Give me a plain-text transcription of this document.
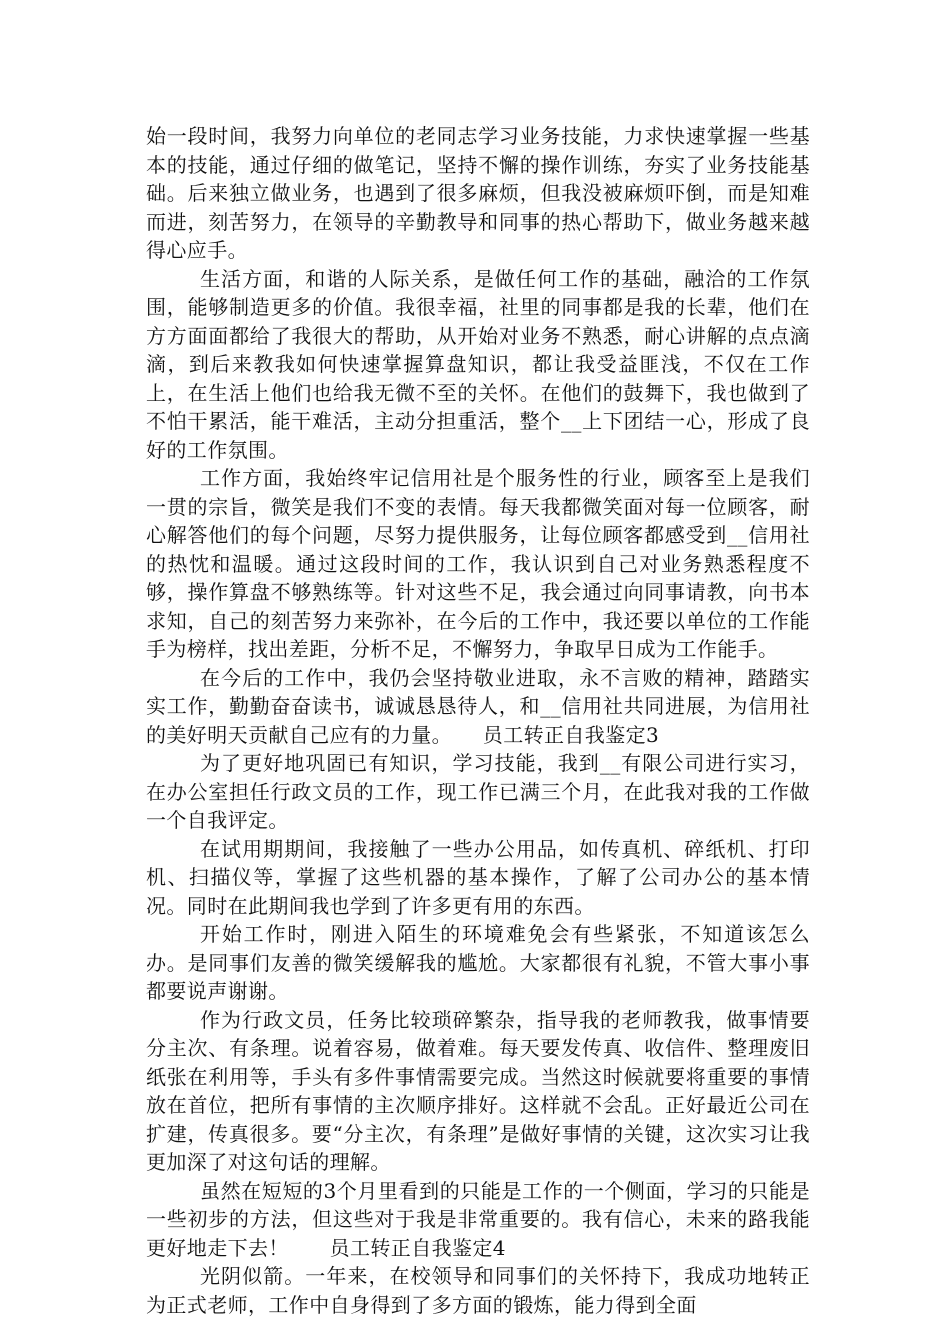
始一段时间，我努力向单位的老同志学习业务技能，力求快速掌握一些基本的技能，通过仔细的做笔记，坚持不懈的操作训练，夯实了业务技能基础。后来独立做业务，也遇到了很多麻烦，但我没被麻烦吓倒，而是知难而进，刻苦努力，在领导的辛勤教导和同事的热心帮助下，做业务越来越得心应手。

生活方面，和谐的人际关系，是做任何工作的基础，融洽的工作氛围，能够制造更多的价值。我很幸福，社里的同事都是我的长辈，他们在方方面面都给了我很大的帮助，从开始对业务不熟悉，耐心讲解的点点滴滴，到后来教我如何快速掌握算盘知识，都让我受益匪浅，不仅在工作上，在生活上他们也给我无微不至的关怀。在他们的鼓舞下，我也做到了不怕干累活，能干难活，主动分担重活，整个__上下团结一心，形成了良好的工作氛围。

工作方面，我始终牢记信用社是个服务性的行业，顾客至上是我们一贯的宗旨，微笑是我们不变的表情。每天我都微笑面对每一位顾客，耐心解答他们的每个问题，尽努力提供服务，让每位顾客都感受到__信用社的热忱和温暖。通过这段时间的工作，我认识到自己对业务熟悉程度不够，操作算盘不够熟练等。针对这些不足，我会通过向同事请教，向书本求知，自己的刻苦努力来弥补，在今后的工作中，我还要以单位的工作能手为榜样，找出差距，分析不足，不懈努力，争取早日成为工作能手。

在今后的工作中，我仍会坚持敬业进取，永不言败的精神，踏踏实实工作，勤勤奋奋读书，诚诚恳恳待人，和__信用社共同进展，为信用社的美好明天贡献自己应有的力量。　　员工转正自我鉴定3

为了更好地巩固已有知识，学习技能，我到__有限公司进行实习，在办公室担任行政文员的工作，现工作已满三个月，在此我对我的工作做一个自我评定。

在试用期期间，我接触了一些办公用品，如传真机、碎纸机、打印机、扫描仪等，掌握了这些机器的基本操作，了解了公司办公的基本情况。同时在此期间我也学到了许多更有用的东西。

开始工作时，刚进入陌生的环境难免会有些紧张，不知道该怎么办。是同事们友善的微笑缓解我的尴尬。大家都很有礼貌，不管大事小事都要说声谢谢。

作为行政文员，任务比较琐碎繁杂，指导我的老师教我，做事情要分主次、有条理。说着容易，做着难。每天要发传真、收信件、整理废旧纸张在利用等，手头有多件事情需要完成。当然这时候就要将重要的事情放在首位，把所有事情的主次顺序排好。这样就不会乱。正好最近公司在扩建，传真很多。要“分主次，有条理”是做好事情的关键，这次实习让我更加深了对这句话的理解。

虽然在短短的3个月里看到的只能是工作的一个侧面，学习的只能是一些初步的方法，但这些对于我是非常重要的。我有信心，未来的路我能更好地走下去！　　员工转正自我鉴定4

光阴似箭。一年来，在校领导和同事们的关怀持下，我成功地转正为正式老师，工作中自身得到了多方面的锻炼，能力得到全面
